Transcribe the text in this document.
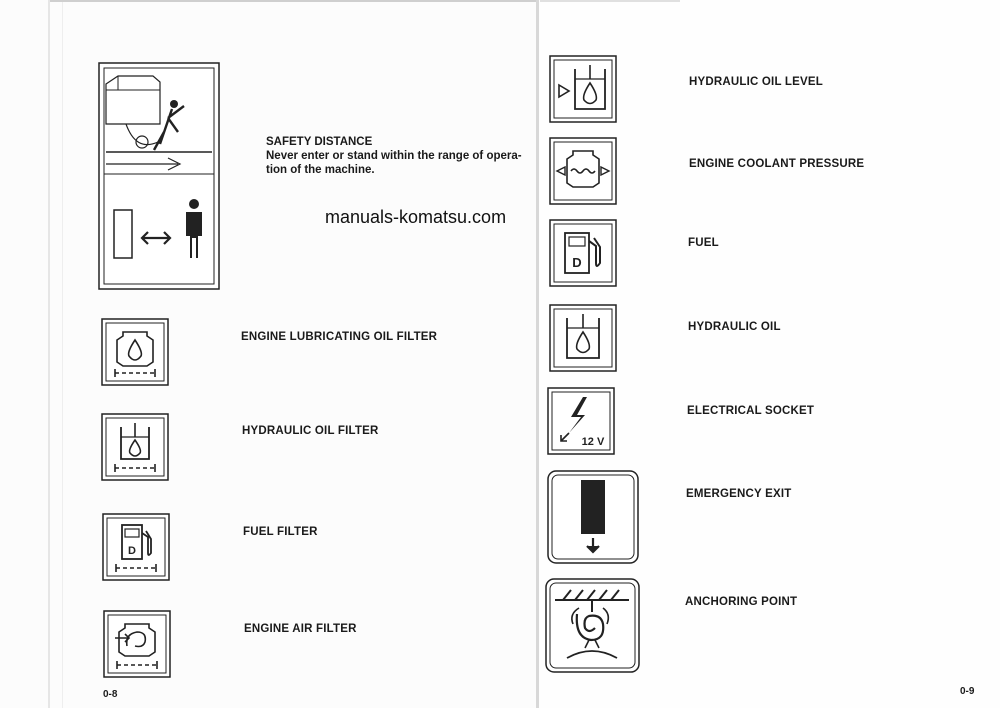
SAFETY DISTANCE
Never enter or stand within the range of opera-
tion of the machine.
manuals-komatsu.com
ENGINE LUBRICATING OIL FILTER
HYDRAULIC OIL FILTER
D
FUEL FILTER
ENGINE AIR FILTER
0-8
HYDRAULIC OIL LEVEL
ENGINE COOLANT PRESSURE
D
FUEL
HYDRAULIC OIL
12 V
ELECTRICAL SOCKET
EMERGENCY EXIT
ANCHORING POINT
0-9
